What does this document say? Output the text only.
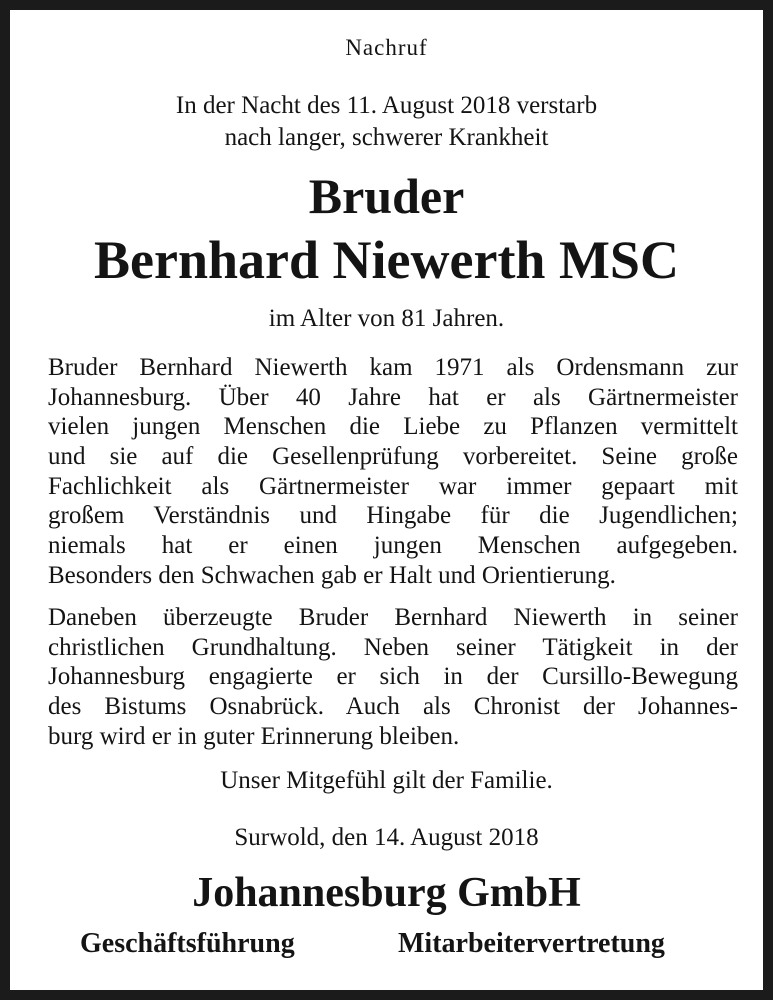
Nachruf
In der Nacht des 11. August 2018 verstarb
nach langer, schwerer Krankheit
Bruder
Bernhard Niewerth MSC
im Alter von 81 Jahren.
Bruder Bernhard Niewerth kam 1971 als Ordensmann zur
Johannesburg. Über 40 Jahre hat er als Gärtnermeister
vielen jungen Menschen die Liebe zu Pflanzen vermittelt
und sie auf die Gesellenprüfung vorbereitet. Seine große
Fachlichkeit als Gärtnermeister war immer gepaart mit
großem Verständnis und Hingabe für die Jugendlichen;
niemals hat er einen jungen Menschen aufgegeben.
Besonders den Schwachen gab er Halt und Orientierung.
Daneben überzeugte Bruder Bernhard Niewerth in seiner
christlichen Grundhaltung. Neben seiner Tätigkeit in der
Johannesburg engagierte er sich in der Cursillo-Bewegung
des Bistums Osnabrück. Auch als Chronist der Johannes-
burg wird er in guter Erinnerung bleiben.
Unser Mitgefühl gilt der Familie.
Surwold, den 14. August 2018
Johannesburg GmbH
Geschäftsführung	Mitarbeitervertretung
